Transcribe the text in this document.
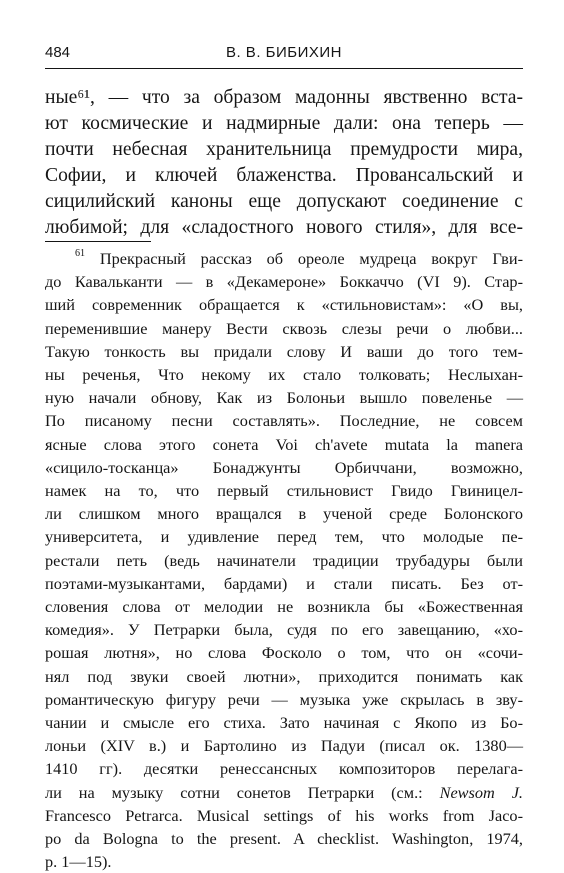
484	В. В. БИБИХИН
ные⁶¹, — что за образом мадонны явственно вста-
ют космические и надмирные дали: она теперь —
почти небесная хранительница премудрости мира,
Софии, и ключей блаженства. Провансальский и
сицилийский каноны еще допускают соединение с
любимой; для «сладостного нового стиля», для все-
$^{61}$ Прекрасный рассказ об ореоле мудреца вокруг Гви-
до Кавальканти — в «Декамероне» Боккаччо (VI 9). Стар-
ший современник обращается к «стильновистам»: «О вы,
переменившие манеру Вести сквозь слезы речи о любви...
Такую тонкость вы придали слову И ваши до того тем-
ны реченья, Что некому их стало толковать; Неслыхан-
ную начали обнову, Как из Болоньи вышло повеленье —
По писаному песни составлять». Последние, не совсем
ясные слова этого сонета Voi ch'avete mutata la manera
«сицило-тосканца» Бонаджунты Орбиччани, возможно,
намек на то, что первый стильновист Гвидо Гвиницел-
ли слишком много вращался в ученой среде Болонского
университета, и удивление перед тем, что молодые пе-
рестали петь (ведь начинатели традиции трубадуры были
поэтами-музыкантами, бардами) и стали писать. Без от-
словения слова от мелодии не возникла бы «Божественная
комедия». У Петрарки была, судя по его завещанию, «хо-
рошая лютня», но слова Фосколо о том, что он «сочи-
нял под звуки своей лютни», приходится понимать как
романтическую фигуру речи — музыка уже скрылась в зву-
чании и смысле его стиха. Зато начиная с Якопо из Бо-
лоньи (XIV в.) и Бартолино из Падуи (писал ок. 1380—
1410 гг). десятки ренессансных композиторов перелага-
ли на музыку сотни сонетов Петрарки (см.: Newsom J.
Francesco Petrarca. Musical settings of his works from Jaco-
po da Bologna to the present. A checklist. Washington, 1974,
p. 1—15).
